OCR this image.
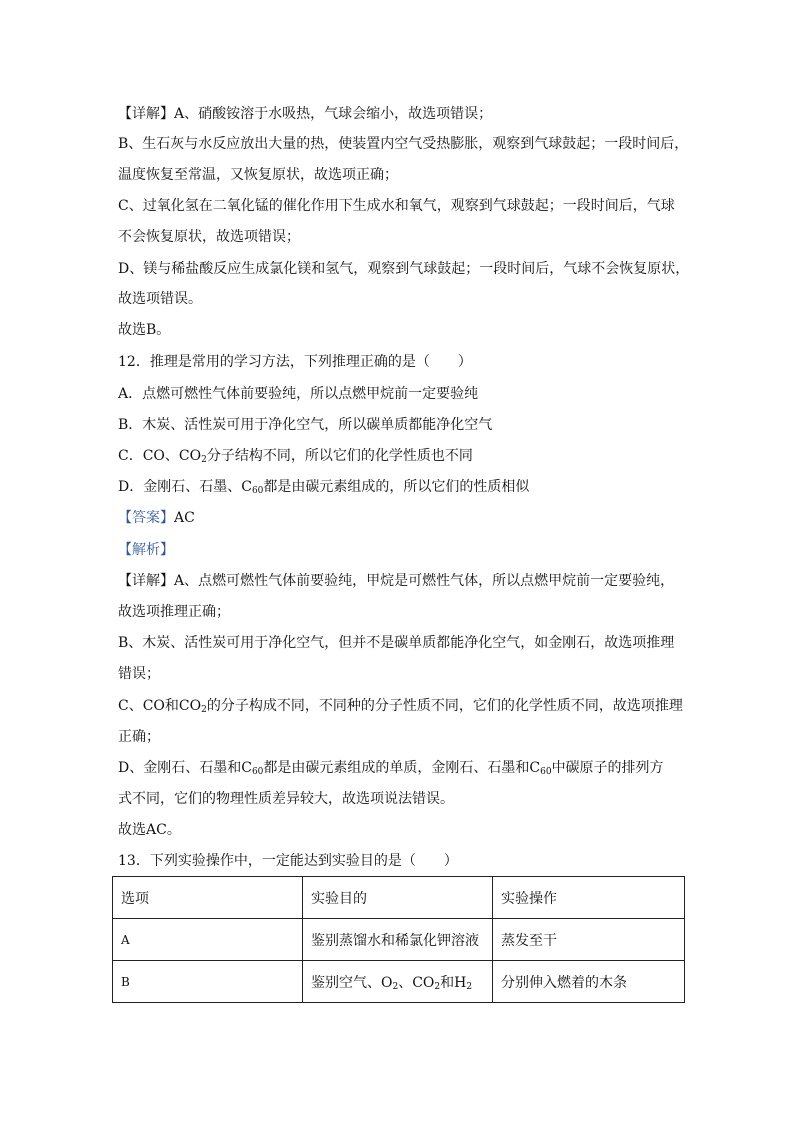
【详解】A、硝酸铵溶于水吸热，气球会缩小，故选项错误；
B、生石灰与水反应放出大量的热，使装置内空气受热膨胀，观察到气球鼓起；一段时间后，
温度恢复至常温，又恢复原状，故选项正确；
C、过氧化氢在二氧化锰的催化作用下生成水和氧气，观察到气球鼓起；一段时间后，气球
不会恢复原状，故选项错误；
D、镁与稀盐酸反应生成氯化镁和氢气，观察到气球鼓起；一段时间后，气球不会恢复原状，
故选项错误。
故选B。
12．推理是常用的学习方法，下列推理正确的是（　　）
A．点燃可燃性气体前要验纯，所以点燃甲烷前一定要验纯
B．木炭、活性炭可用于净化空气，所以碳单质都能净化空气
C．CO、$CO_2$分子结构不同，所以它们的化学性质也不同
D．金刚石、石墨、$C_{60}$都是由碳元素组成的，所以它们的性质相似
【答案】AC
【解析】
【详解】A、点燃可燃性气体前要验纯，甲烷是可燃性气体，所以点燃甲烷前一定要验纯，
故选项推理正确；
B、木炭、活性炭可用于净化空气，但并不是碳单质都能净化空气，如金刚石，故选项推理
错误；
C、CO和$CO_2$的分子构成不同，不同种的分子性质不同，它们的化学性质不同，故选项推理
正确；
D、金刚石、石墨和$C_{60}$都是由碳元素组成的单质，金刚石、石墨和$C_{60}$中碳原子的排列方
式不同，它们的物理性质差异较大，故选项说法错误。
故选AC。
13．下列实验操作中，一定能达到实验目的是（　　）
选项	实验目的	实验操作
A	鉴别蒸馏水和稀氯化钾溶液	蒸发至干
B	鉴别空气、$O_2$、$CO_2$和$H_2$	分别伸入燃着的木条
